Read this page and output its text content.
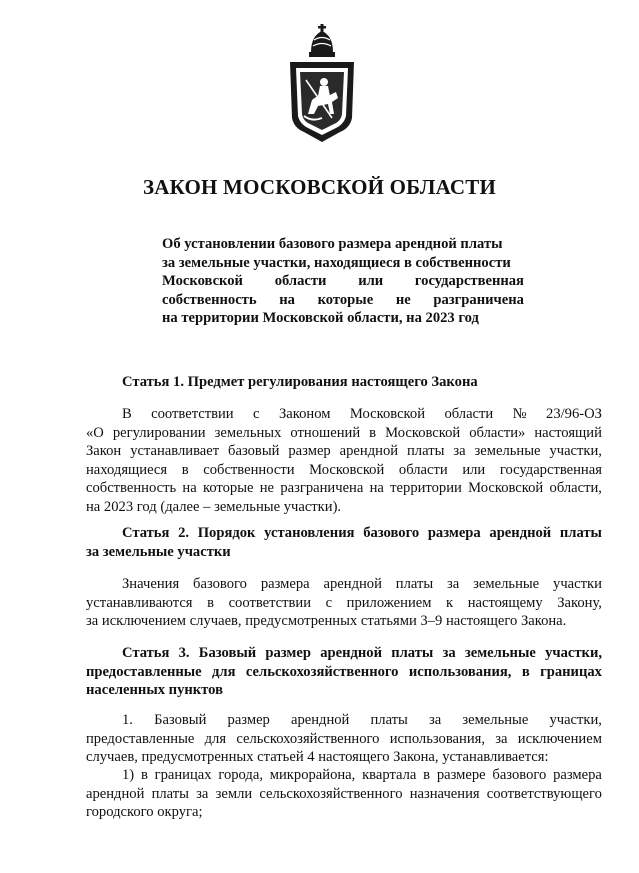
ЗАКОН МОСКОВСКОЙ ОБЛАСТИ
Об установлении базового размера арендной платы
за земельные участки, находящиеся в собственности
Московской области или государственная
собственность на которые не разграничена
на территории Московской области, на 2023 год
Статья 1. Предмет регулирования настоящего Закона
В соответствии с Законом Московской области № 23/96-ОЗ
«О регулировании земельных отношений в Московской области» настоящий
Закон устанавливает базовый размер арендной платы за земельные участки,
находящиеся в собственности Московской области или государственная
собственность на которые не разграничена на территории Московской области,
на 2023 год (далее – земельные участки).
Статья 2. Порядок установления базового размера арендной платы
за земельные участки
Значения базового размера арендной платы за земельные участки
устанавливаются в соответствии с приложением к настоящему Закону,
за исключением случаев, предусмотренных статьями 3–9 настоящего Закона.
Статья 3. Базовый размер арендной платы за земельные участки,
предоставленные для сельскохозяйственного использования, в границах
населенных пунктов
1. Базовый размер арендной платы за земельные участки,
предоставленные для сельскохозяйственного использования, за исключением
случаев, предусмотренных статьей 4 настоящего Закона, устанавливается:
1) в границах города, микрорайона, квартала в размере базового размера
арендной платы за земли сельскохозяйственного назначения соответствующего
городского округа;
